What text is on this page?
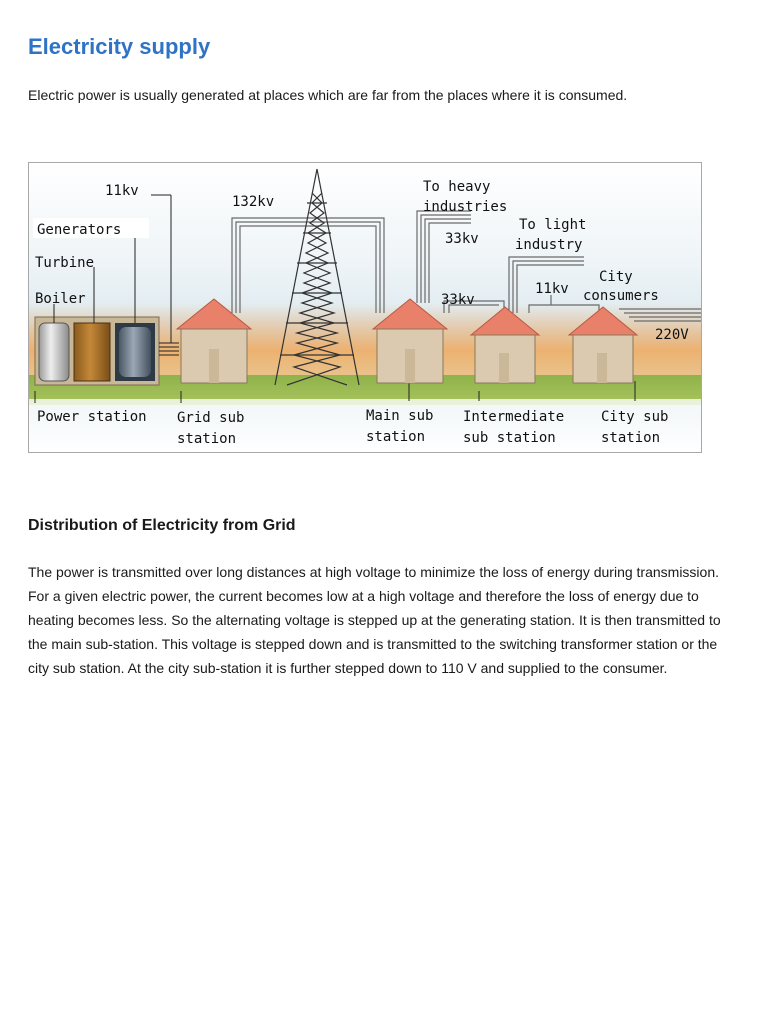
Electricity supply

Electric power is usually generated at places which are far from the places where it is consumed.

11kv
Generators
Turbine
Boiler
132kv
To heavy
industries
33kv
To light
industry
33kv
11kv
City
consumers
220V
Power station Grid sub
station
Main sub
station
Intermediate
sub station
City sub
station
Distribution of Electricity from Grid

The power is transmitted over long distances at high voltage to minimize the loss of energy during transmission. For a given electric power, the current becomes low at a high voltage and therefore the loss of energy due to heating becomes less. So the alternating voltage is stepped up at the generating station. It is then transmitted to the main sub-station. This voltage is stepped down and is transmitted to the switching transformer station or the city sub station. At the city sub-station it is further stepped down to 110 V and supplied to the consumer.
